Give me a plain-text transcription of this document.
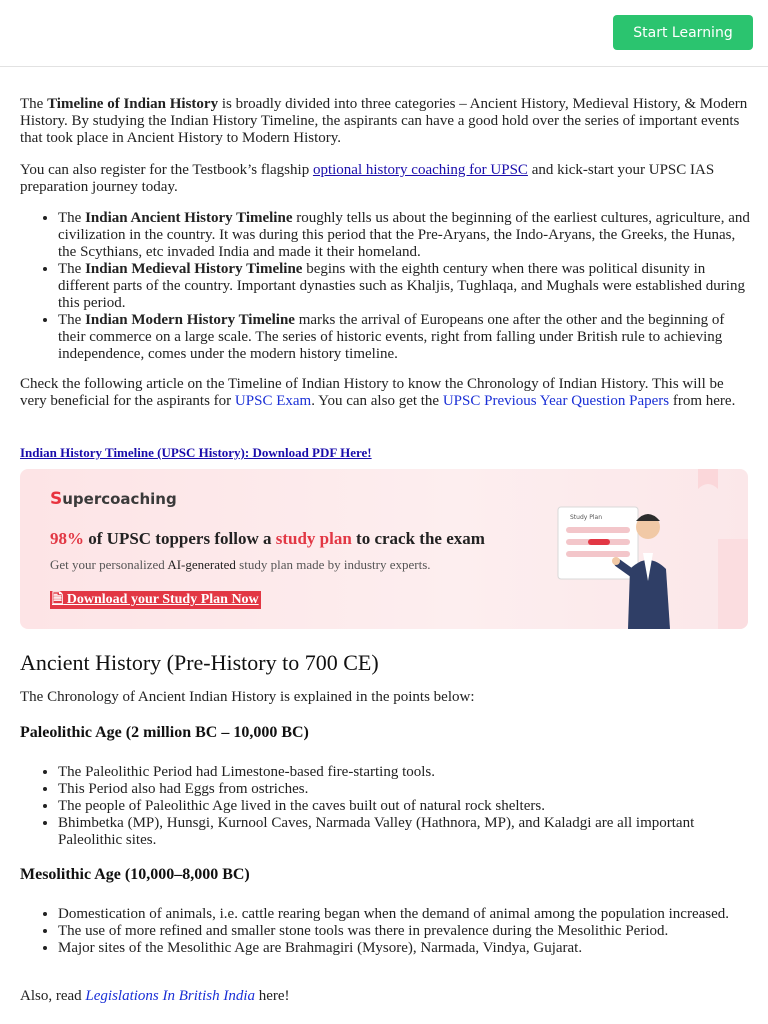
Start Learning

The Timeline of Indian History is broadly divided into three categories – Ancient History, Medieval History, & Modern History. By studying the Indian History Timeline, the aspirants can have a good hold over the series of important events that took place in Ancient History to Modern History.

You can also register for the Testbook’s flagship optional history coaching for UPSC and kick-start your UPSC IAS preparation journey today.

• The Indian Ancient History Timeline roughly tells us about the beginning of the earliest cultures, agriculture, and civilization in the country. It was during this period that the Pre-Aryans, the Indo-Aryans, the Greeks, the Hunas, the Scythians, etc invaded India and made it their homeland.
• The Indian Medieval History Timeline begins with the eighth century when there was political disunity in different parts of the country. Important dynasties such as Khaljis, Tughlaqa, and Mughals were established during this period.
• The Indian Modern History Timeline marks the arrival of Europeans one after the other and the beginning of their commerce on a large scale. The series of historic events, right from falling under British rule to achieving independence, comes under the modern history timeline.

Check the following article on the Timeline of Indian History to know the Chronology of Indian History. This will be very beneficial for the aspirants for UPSC Exam. You can also get the UPSC Previous Year Question Papers from here.

Indian History Timeline (UPSC History): Download PDF Here!
Supercoaching
98% of UPSC toppers follow a study plan to crack the exam
Get your personalized AI-generated study plan made by industry experts.
🗎 Download your Study Plan Now
Study Plan
Ancient History (Pre-History to 700 CE)

The Chronology of Ancient Indian History is explained in the points below:

Paleolithic Age (2 million BC – 10,000 BC)
• The Paleolithic Period had Limestone-based fire-starting tools.
• This Period also had Eggs from ostriches.
• The people of Paleolithic Age lived in the caves built out of natural rock shelters.
• Bhimbetka (MP), Hunsgi, Kurnool Caves, Narmada Valley (Hathnora, MP), and Kaladgi are all important Paleolithic sites.
Mesolithic Age (10,000–8,000 BC)
• Domestication of animals, i.e. cattle rearing began when the demand of animal among the population increased.
• The use of more refined and smaller stone tools was there in prevalence during the Mesolithic Period.
• Major sites of the Mesolithic Age are Brahmagiri (Mysore), Narmada, Vindya, Gujarat.

Also, read Legislations In British India here!
